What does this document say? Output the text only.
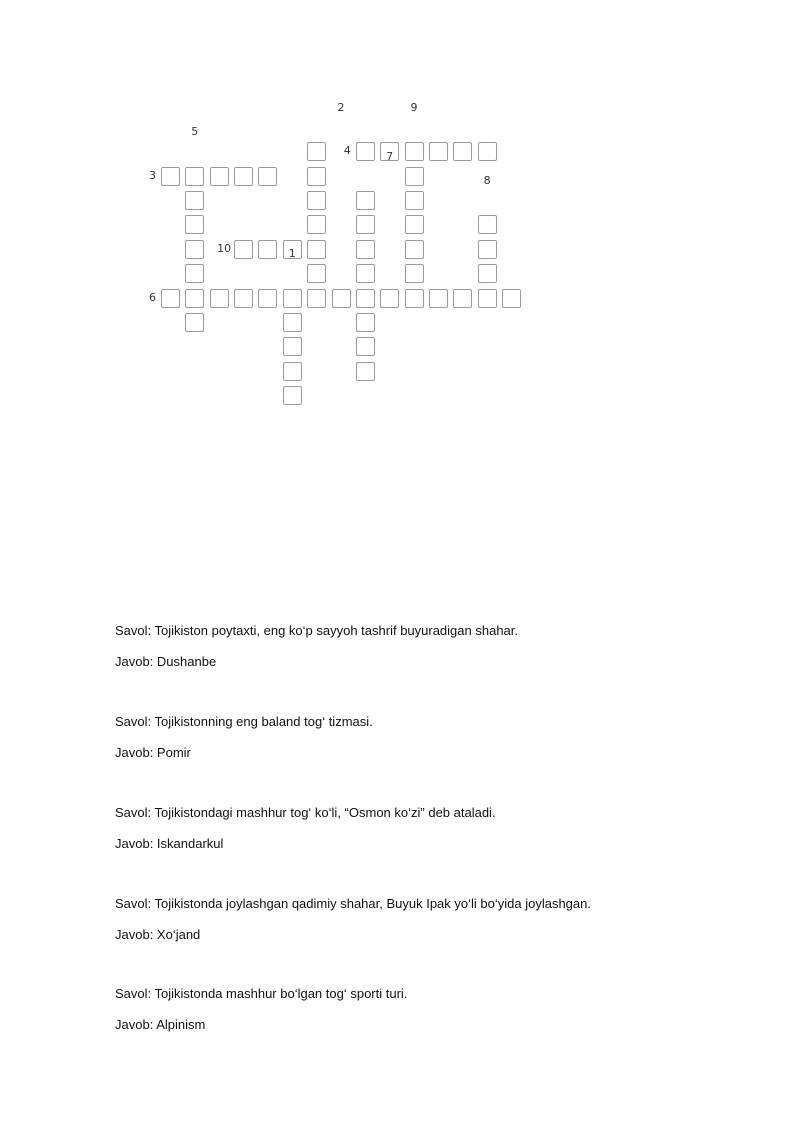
1
2
3
4
5
6
7
8
9
10
Savol: Tojikiston poytaxti, eng ko‘p sayyoh tashrif buyuradigan shahar.
Javob: Dushanbe
Savol: Tojikistonning eng baland tog‘ tizmasi.
Javob: Pomir
Savol: Tojikistondagi mashhur tog‘ ko‘li, “Osmon ko‘zi” deb ataladi.
Javob: Iskandarkul
Savol: Tojikistonda joylashgan qadimiy shahar, Buyuk Ipak yo‘li bo‘yida joylashgan.
Javob: Xo‘jand
Savol: Tojikistonda mashhur bo‘lgan tog‘ sporti turi.
Javob: Alpinism
